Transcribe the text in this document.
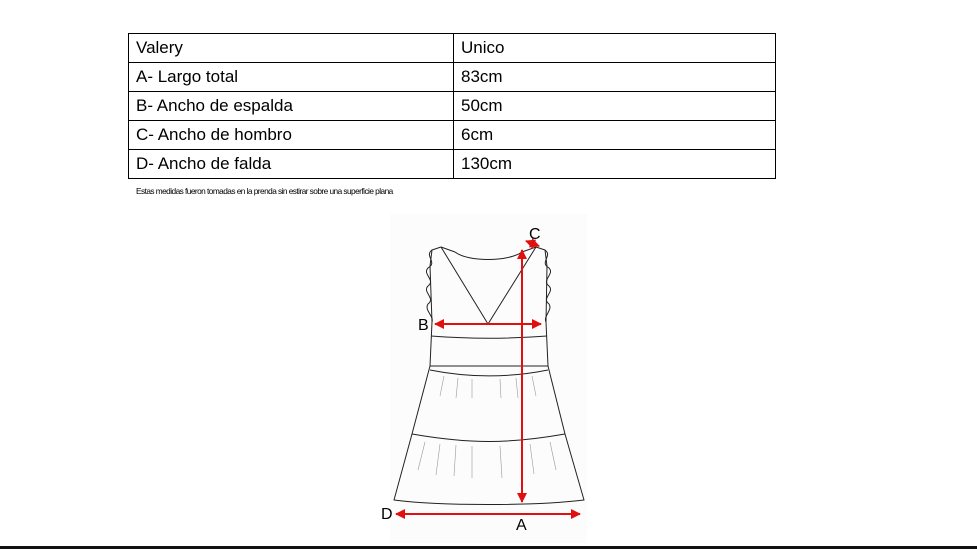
Valery	Unico
A- Largo total	83cm
B- Ancho de espalda	50cm
C- Ancho de hombro	6cm
D- Ancho de falda	130cm
Estas medidas fueron tomadas en la prenda sin estirar sobre una superficie plana
C
B
D
A
